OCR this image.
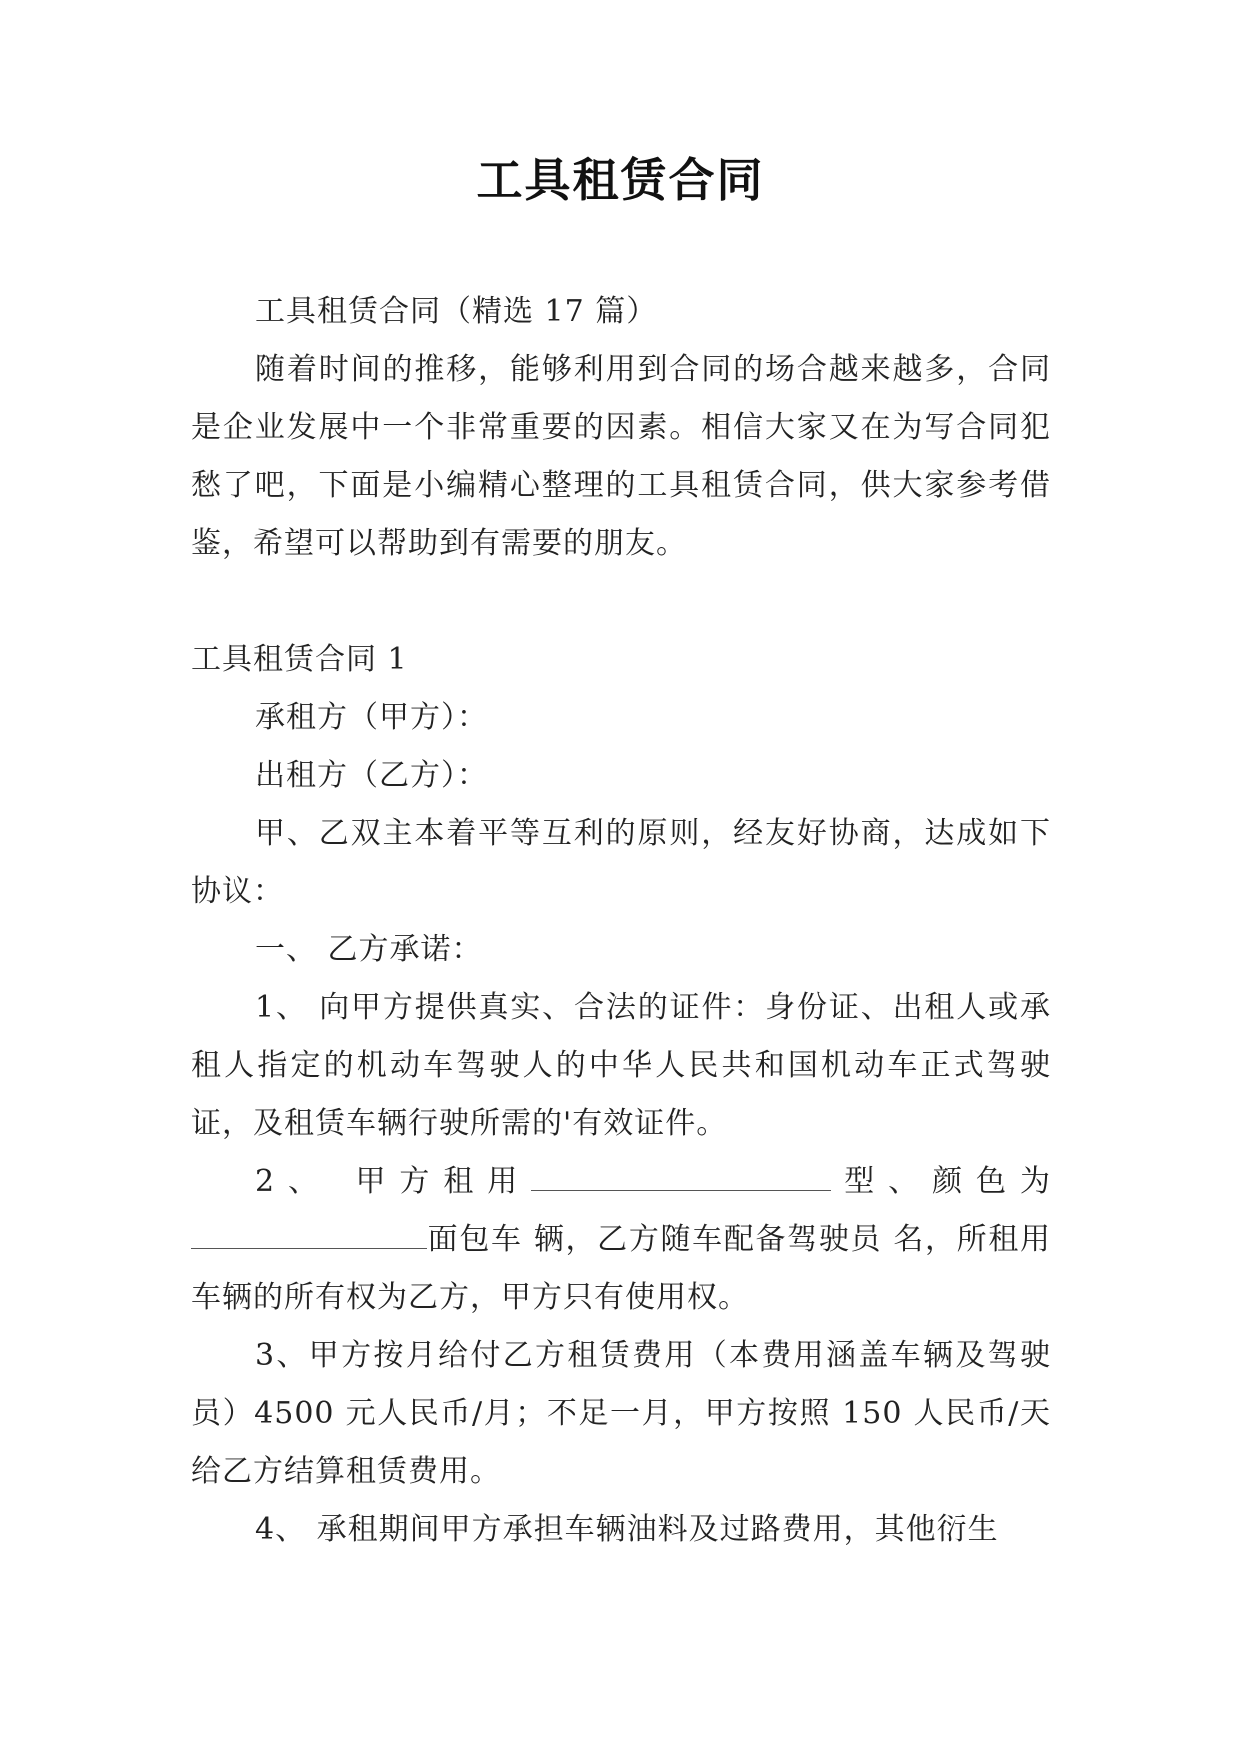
工具租赁合同

工具租赁合同（精选 17 篇）

随着时间的推移，能够利用到合同的场合越来越多，合同是企业发展中一个非常重要的因素。相信大家又在为写合同犯愁了吧，下面是小编精心整理的工具租赁合同，供大家参考借鉴，希望可以帮助到有需要的朋友。

工具租赁合同 1

承租方（甲方）：

出租方（乙方）：

甲、乙双主本着平等互利的原则，经友好协商，达成如下协议：

一、 乙方承诺：

1、 向甲方提供真实、合法的证件：身份证、出租人或承租人指定的机动车驾驶人的中华人民共和国机动车正式驾驶证，及租赁车辆行驶所需的'有效证件。

2、 甲方租用	型、颜色为面包车 辆，乙方随车配备驾驶员 名，所租用车辆的所有权为乙方，甲方只有使用权。

3、甲方按月给付乙方租赁费用（本费用涵盖车辆及驾驶员）4500 元人民币/月；不足一月，甲方按照 150 人民币/天给乙方结算租赁费用。

4、 承租期间甲方承担车辆油料及过路费用，其他衍生
